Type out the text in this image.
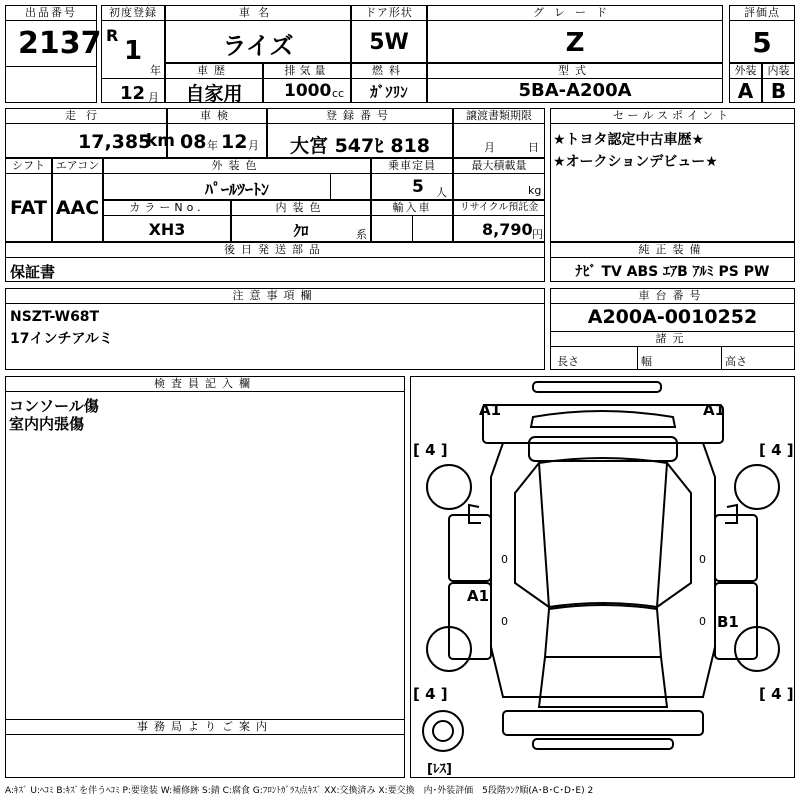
出品番号
2137
初度登録
R
1
年
12 月
車名
ライズ
ドア形状
5W
グレード
Z
評価点
5
車歴
自家用
排気量
1000 cc
燃料
ｶﾞｿﾘﾝ
型式
5BA-A200A
外装
A
内装
B
走行
17,385
km
車検
08 年 12 月
登録番号
大宮 547ﾋ 818
譲渡書類期限
月	日
セールスポイント
★トヨタ認定中古車歴★
★オークションデビュー★
シフト
FAT
エアコン
AAC
外装色
ﾊﾟｰﾙﾂｰﾄﾝ
乗車定員
5 人
最大積載量
kg
カラーNo.
XH3
内装色
ｸﾛ	系
輸入車	リサイクル預託金
8,790 円
後日発送部品
保証書
純正装備
ﾅﾋﾞ TV ABS ｴｱB ｱﾙﾐ PS PW
注意事項欄
NSZT-W68T
17インチアルミ
車台番号
A200A-0010252
諸元
長さ	幅	高さ
検査員記入欄
コンソール傷
室内内張傷
事務局よりご案内
A1	A1
A1
B1
[ 4 ]	[ 4 ]
[ 4 ]	[ 4 ]
[ﾚｽ]
0	0
0	0
A:ｷｽﾞ U:ﾍｺﾐ B:ｷｽﾞを伴うﾍｺﾐ P:要塗装 W:補修跡 S:錆 C:腐食 G:ﾌﾛﾝﾄｶﾞﾗｽ点ｷｽﾞ XX:交換済み X:要交換　内･外装評価　5段階ﾗﾝｸ順(A･B･C･D･E) 2
